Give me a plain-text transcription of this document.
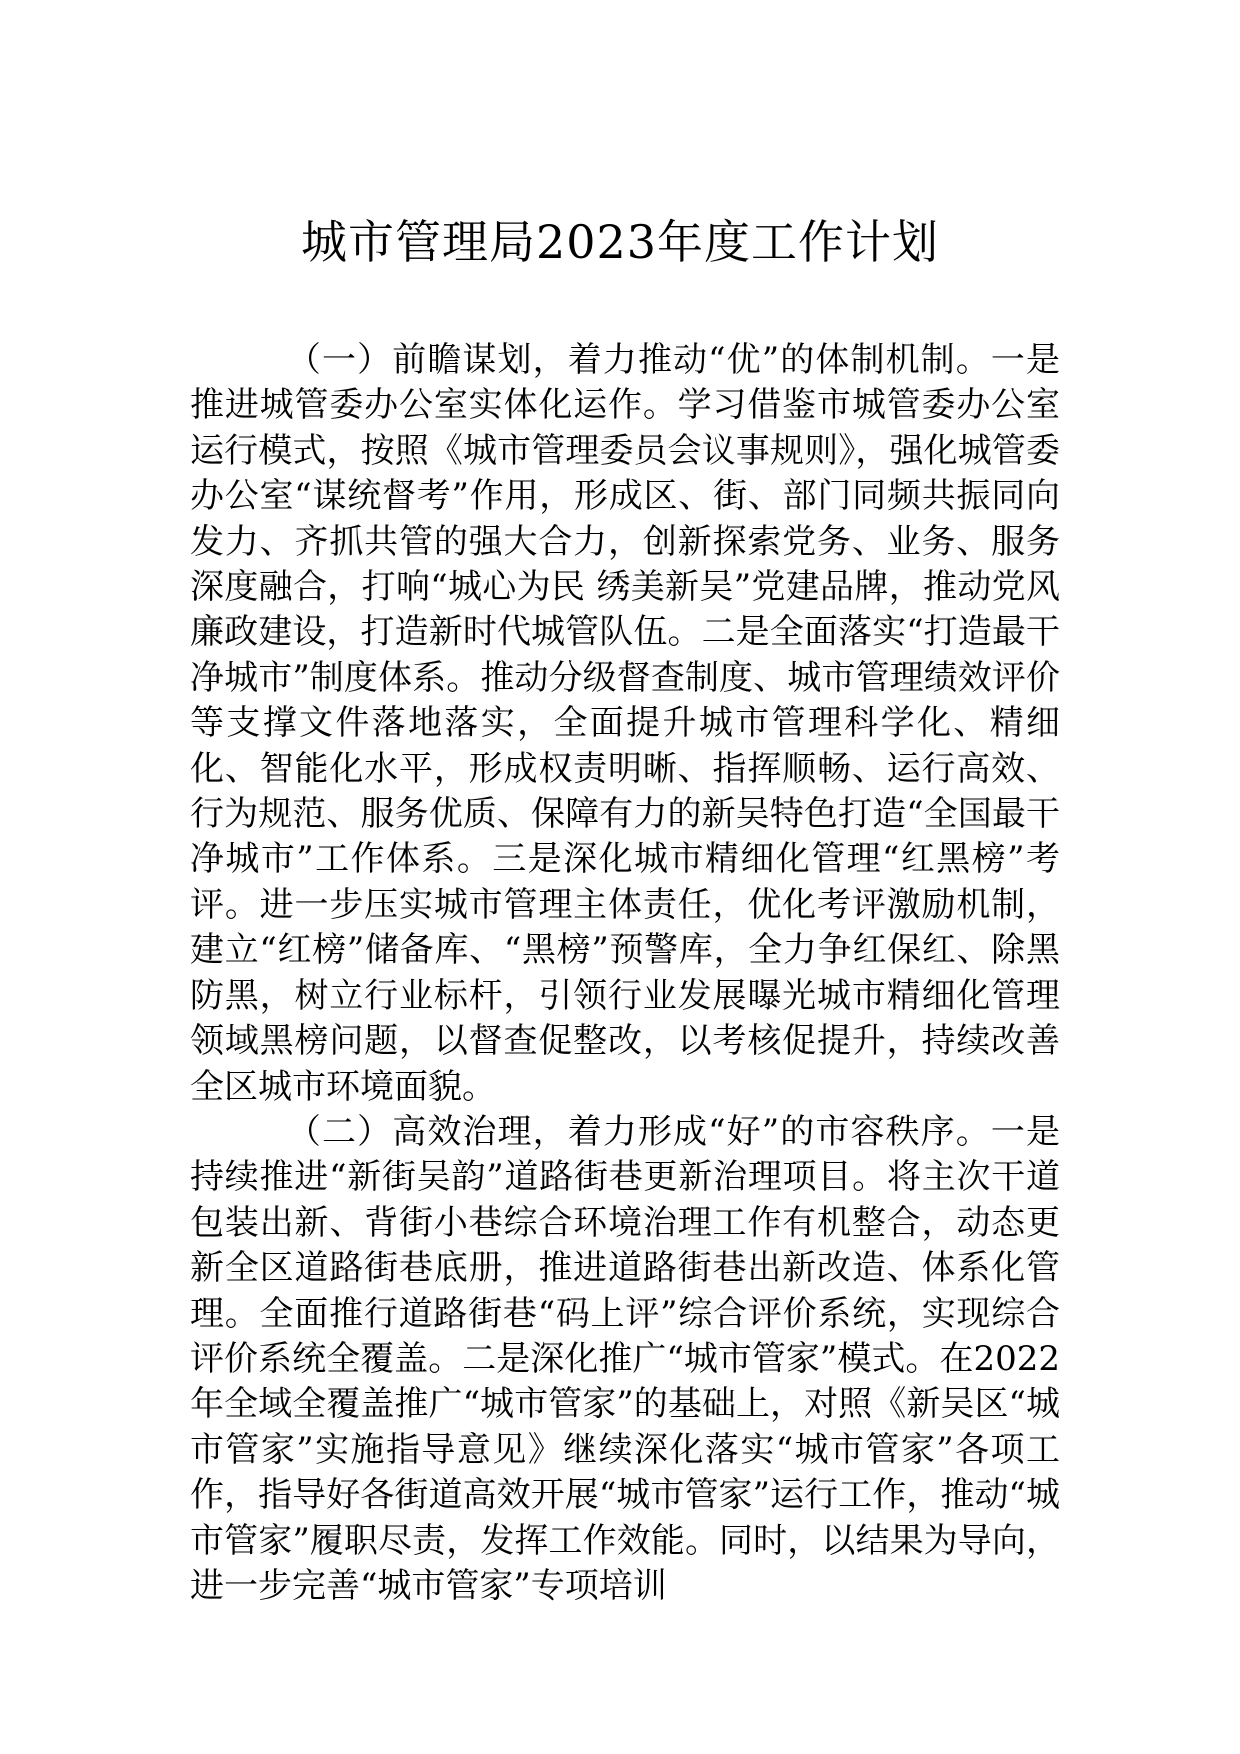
城市管理局2023年度工作计划

（一）前瞻谋划，着力推动“优”的体制机制。一是推进城管委办公室实体化运作。学习借鉴市城管委办公室运行模式，按照《城市管理委员会议事规则》，强化城管委办公室“谋统督考”作用，形成区、街、部门同频共振同向发力、齐抓共管的强大合力，创新探索党务、业务、服务深度融合，打响“城心为民 绣美新吴”党建品牌，推动党风廉政建设，打造新时代城管队伍。二是全面落实“打造最干净城市”制度体系。推动分级督查制度、城市管理绩效评价等支撑文件落地落实，全面提升城市管理科学化、精细化、智能化水平，形成权责明晰、指挥顺畅、运行高效、行为规范、服务优质、保障有力的新吴特色打造“全国最干净城市”工作体系。三是深化城市精细化管理“红黑榜”考评。进一步压实城市管理主体责任，优化考评激励机制，建立“红榜”储备库、“黑榜”预警库，全力争红保红、除黑防黑，树立行业标杆，引领行业发展曝光城市精细化管理领域黑榜问题，以督查促整改，以考核促提升，持续改善全区城市环境面貌。

（二）高效治理，着力形成“好”的市容秩序。一是持续推进“新街吴韵”道路街巷更新治理项目。将主次干道包装出新、背街小巷综合环境治理工作有机整合，动态更新全区道路街巷底册，推进道路街巷出新改造、体系化管理。全面推行道路街巷“码上评”综合评价系统，实现综合评价系统全覆盖。二是深化推广“城市管家”模式。在2022年全域全覆盖推广“城市管家”的基础上，对照《新吴区“城市管家”实施指导意见》继续深化落实“城市管家”各项工作，指导好各街道高效开展“城市管家”运行工作，推动“城市管家”履职尽责，发挥工作效能。同时，以结果为导向，进一步完善“城市管家”专项培训
